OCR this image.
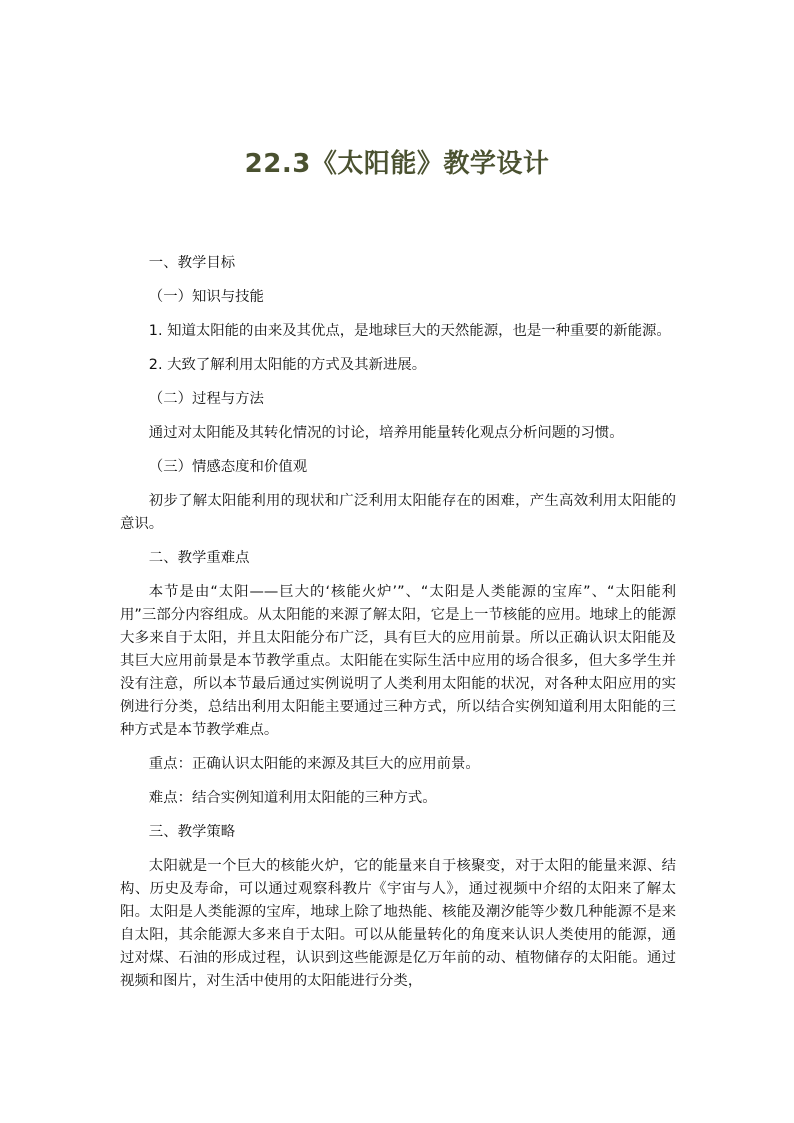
22.3《太阳能》教学设计

一、教学目标

（一）知识与技能

1. 知道太阳能的由来及其优点，是地球巨大的天然能源，也是一种重要的新能源。

2. 大致了解利用太阳能的方式及其新进展。

（二）过程与方法

通过对太阳能及其转化情况的讨论，培养用能量转化观点分析问题的习惯。

（三）情感态度和价值观

初步了解太阳能利用的现状和广泛利用太阳能存在的困难，产生高效利用太阳能的意识。

二、教学重难点

本节是由“太阳——巨大的‘核能火炉’”、“太阳是人类能源的宝库”、“太阳能利用”三部分内容组成。从太阳能的来源了解太阳，它是上一节核能的应用。地球上的能源大多来自于太阳，并且太阳能分布广泛，具有巨大的应用前景。所以正确认识太阳能及其巨大应用前景是本节教学重点。太阳能在实际生活中应用的场合很多，但大多学生并没有注意，所以本节最后通过实例说明了人类利用太阳能的状况，对各种太阳应用的实例进行分类，总结出利用太阳能主要通过三种方式，所以结合实例知道利用太阳能的三种方式是本节教学难点。

重点：正确认识太阳能的来源及其巨大的应用前景。

难点：结合实例知道利用太阳能的三种方式。

三、教学策略

太阳就是一个巨大的核能火炉，它的能量来自于核聚变，对于太阳的能量来源、结构、历史及寿命，可以通过观察科教片《宇宙与人》，通过视频中介绍的太阳来了解太阳。太阳是人类能源的宝库，地球上除了地热能、核能及潮汐能等少数几种能源不是来自太阳，其余能源大多来自于太阳。可以从能量转化的角度来认识人类使用的能源，通过对煤、石油的形成过程，认识到这些能源是亿万年前的动、植物储存的太阳能。通过视频和图片，对生活中使用的太阳能进行分类，
